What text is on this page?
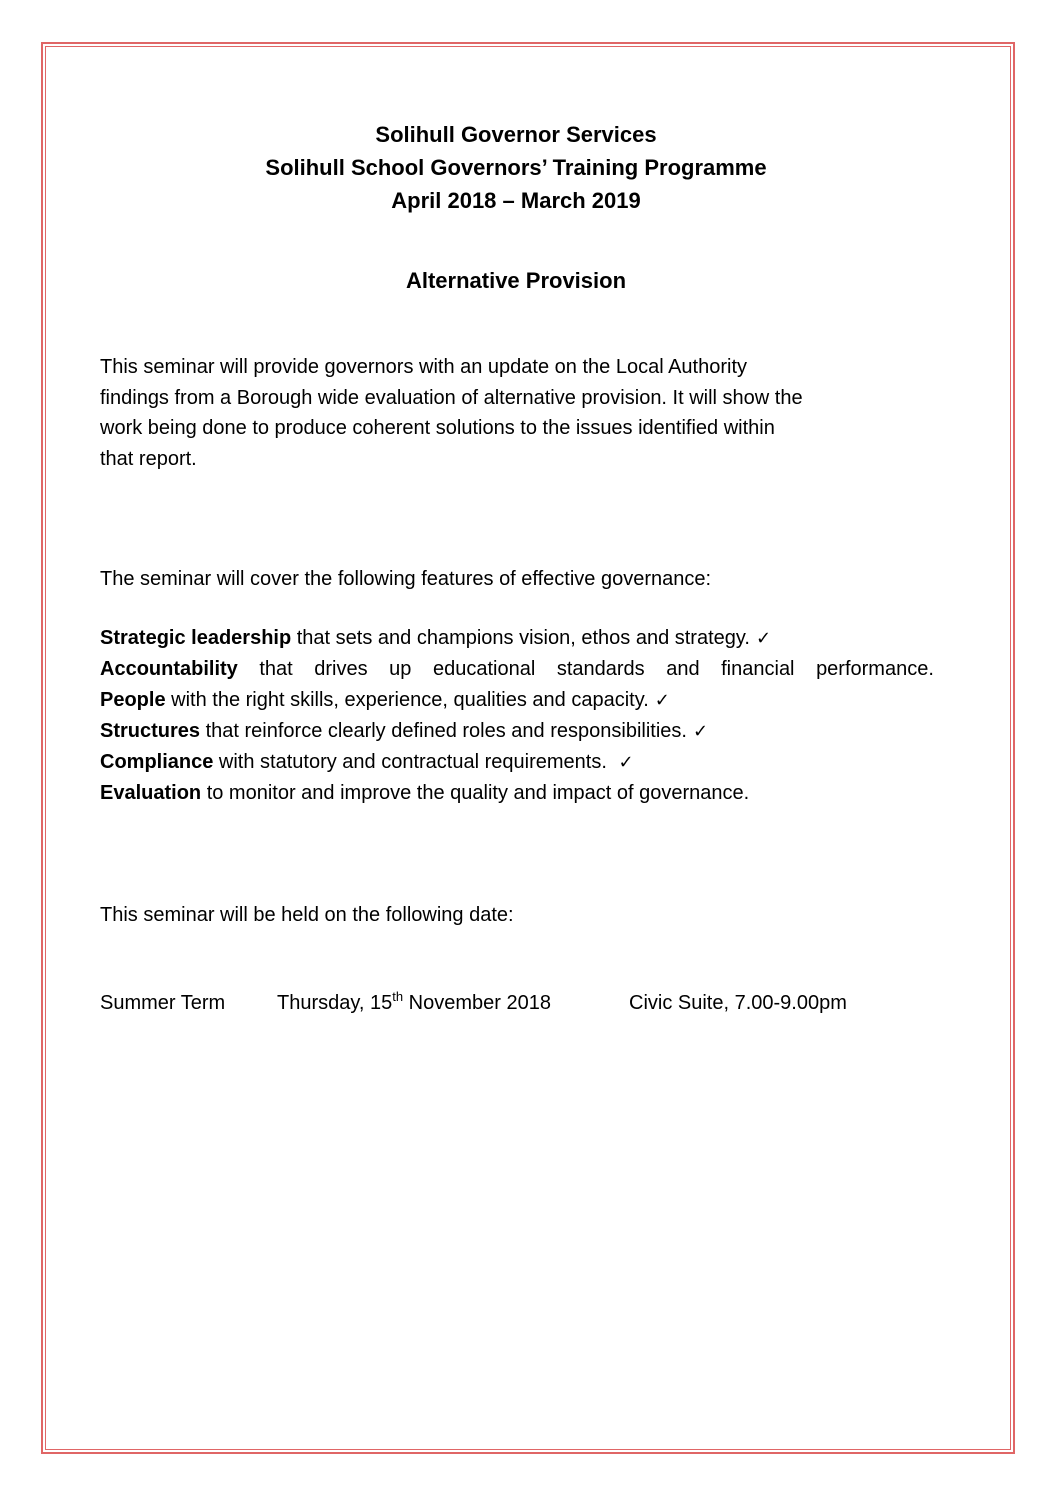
Solihull Governor Services
Solihull School Governors’ Training Programme
April 2018 – March 2019
Alternative Provision
This seminar will provide governors with an update on the Local Authority
findings from a Borough wide evaluation of alternative provision. It will show the
work being done to produce coherent solutions to the issues identified within
that report.
The seminar will cover the following features of effective governance:
Strategic leadership that sets and champions vision, ethos and strategy. ✓
Accountability that drives up educational standards and financial performance.
People with the right skills, experience, qualities and capacity. ✓
Structures that reinforce clearly defined roles and responsibilities. ✓
Compliance with statutory and contractual requirements. ✓
Evaluation to monitor and improve the quality and impact of governance.
This seminar will be held on the following date:
Summer Term	Thursday, 15th November 2018	Civic Suite, 7.00-9.00pm
